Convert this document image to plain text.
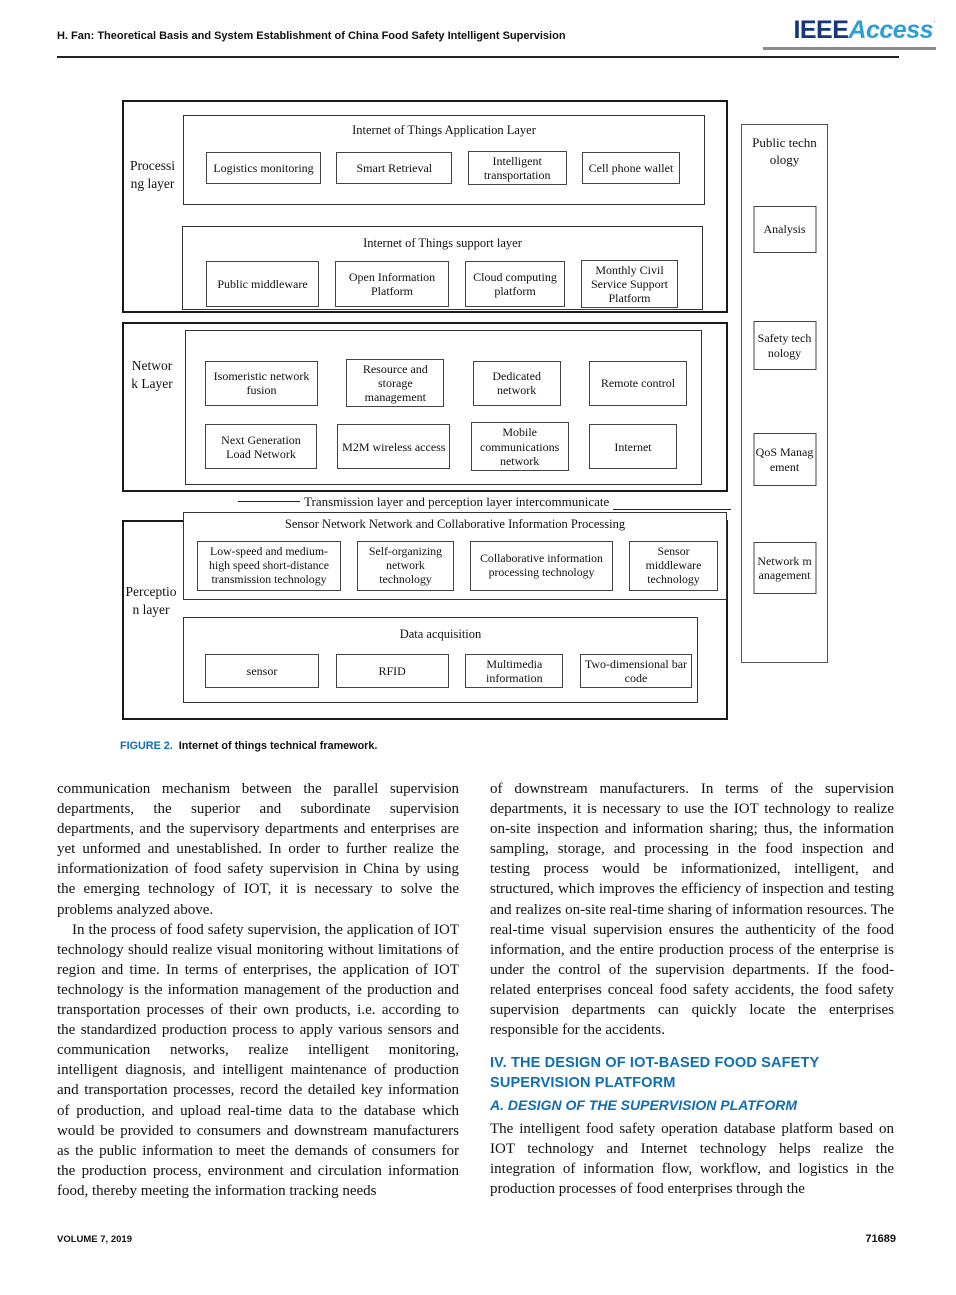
H. Fan: Theoretical Basis and System Establishment of China Food Safety Intelligent Supervision	IEEEAccess·
Processing layer
Internet of Things Application Layer
Logistics monitoring	Smart Retrieval
Intelligent transportation
Cell phone wallet
Internet of Things support layer
Public middleware
Open Information Platform
Cloud computing platform
Monthly Civil Service Support Platform
Network Layer
Isomeristic network fusion
Resource and storage management
Dedicated network
Remote control
Next Generation Load Network
M2M wireless access
Mobile communications network
Internet
Transmission layer and perception layer intercommunicate
Perception layer
Sensor Network Network and Collaborative Information Processing
Low-speed and medium-high speed short-distance transmission technology
Self-organizing network technology
Collaborative information processing technology
Sensor middleware technology
Data acquisition
sensor	RFID
Multimedia information
Two-dimensional bar code
Public technology
Analysis
Safety technology
QoS Management
Network management
FIGURE 2. Internet of things technical framework.

communication mechanism between the parallel supervision departments, the superior and subordinate supervision departments, and the supervisory departments and enterprises are yet unformed and unestablished. In order to further realize the informationization of food safety supervision in China by using the emerging technology of IOT, it is necessary to solve the problems analyzed above.

In the process of food safety supervision, the application of IOT technology should realize visual monitoring without limitations of region and time. In terms of enterprises, the application of IOT technology is the information management of the production and transportation processes of their own products, i.e. according to the standardized production process to apply various sensors and communication networks, realize intelligent monitoring, intelligent diagnosis, and intelligent maintenance of production and transportation processes, record the detailed key information of production, and upload real-time data to the database which would be provided to consumers and downstream manufacturers as the public information to meet the demands of consumers for the production process, environment and circulation information food, thereby meeting the information tracking needs

of downstream manufacturers. In terms of the supervision departments, it is necessary to use the IOT technology to realize on-site inspection and information sharing; thus, the information sampling, storage, and processing in the food inspection and testing process would be informationized, intelligent, and structured, which improves the efficiency of inspection and testing and realizes on-site real-time sharing of information resources. The real-time visual supervision ensures the authenticity of the food information, and the entire production process of the enterprise is under the control of the supervision departments. If the food-related enterprises conceal food safety accidents, the food safety supervision departments can quickly locate the enterprises responsible for the accidents.

IV. THE DESIGN OF IOT-BASED FOOD SAFETY SUPERVISION PLATFORM
A. DESIGN OF THE SUPERVISION PLATFORM

The intelligent food safety operation database platform based on IOT technology and Internet technology helps realize the integration of information flow, workflow, and logistics in the production processes of food enterprises through the

VOLUME 7, 2019	71689
